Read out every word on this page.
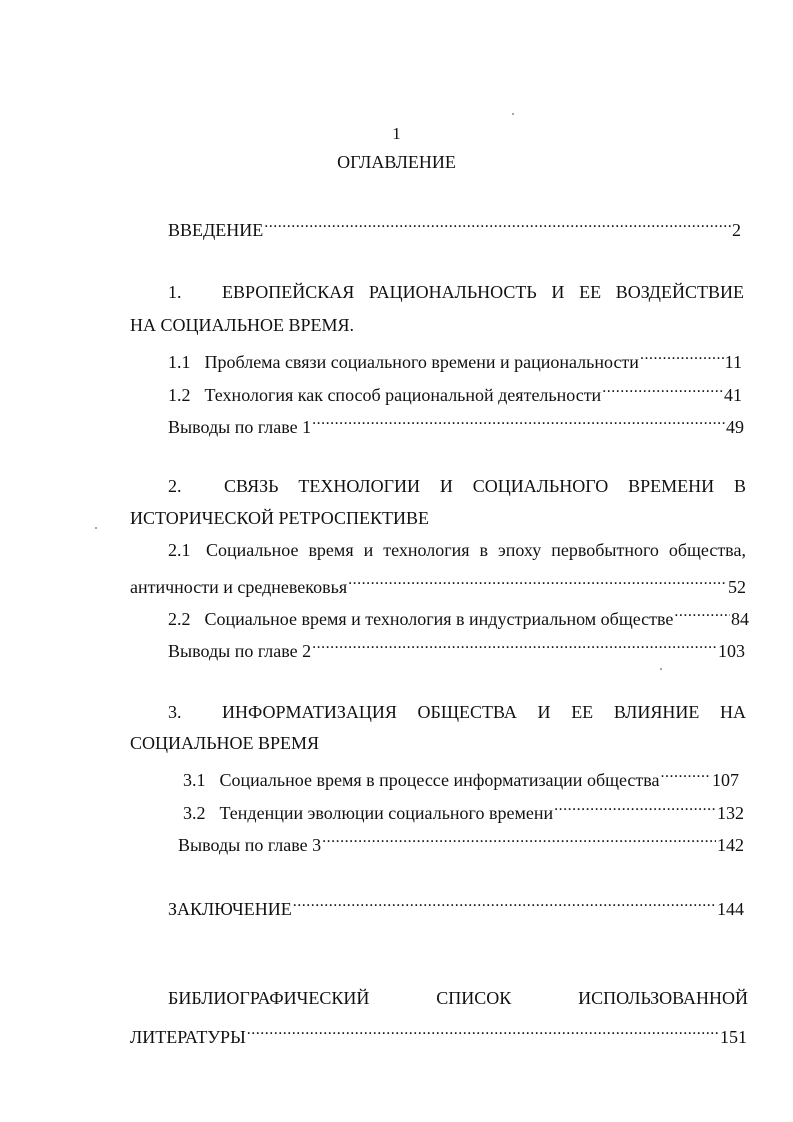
1
ОГЛАВЛЕНИЕ
ВВЕДЕНИЕ .....	2
1. ЕВРОПЕЙСКАЯ РАЦИОНАЛЬНОСТЬ И ЕЕ ВОЗДЕЙСТВИЕ
НА СОЦИАЛЬНОЕ ВРЕМЯ.
1.1 Проблема связи социального времени и рациональности .....	11
1.2 Технология как способ рациональной деятельности .....	41
Выводы по главе 1 .....	49
2. СВЯЗЬ ТЕХНОЛОГИИ И СОЦИАЛЬНОГО ВРЕМЕНИ В
ИСТОРИЧЕСКОЙ РЕТРОСПЕКТИВЕ
2.1 Социальное время и технология в эпоху первобытного общества,
античности и средневековья .....	52
2.2 Социальное время и технология в индустриальном обществе .....	84
Выводы по главе 2 .....	103
3. ИНФОРМАТИЗАЦИЯ ОБЩЕСТВА И ЕЕ ВЛИЯНИЕ НА
СОЦИАЛЬНОЕ ВРЕМЯ
3.1 Социальное время в процессе информатизации общества .....	107
3.2 Тенденции эволюции социального времени .....	132
Выводы по главе 3 .....	142
ЗАКЛЮЧЕНИЕ .....	144
БИБЛИОГРАФИЧЕСКИЙ	СПИСОК	ИСПОЛЬЗОВАННОЙ
ЛИТЕРАТУРЫ .....	151
